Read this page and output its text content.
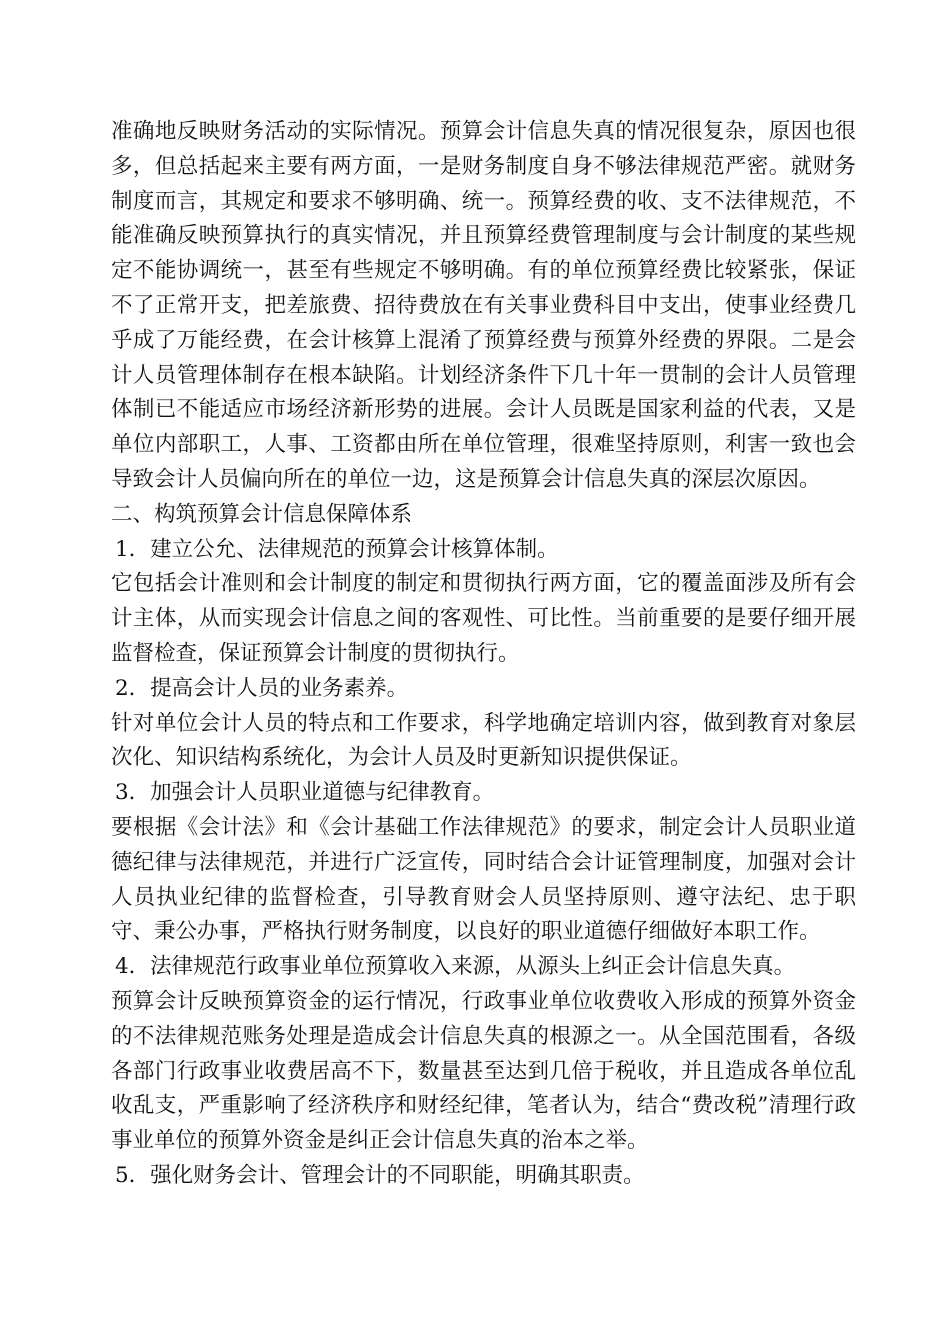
准确地反映财务活动的实际情况。预算会计信息失真的情况很复杂，原因也很多，但总括起来主要有两方面，一是财务制度自身不够法律规范严密。就财务制度而言，其规定和要求不够明确、统一。预算经费的收、支不法律规范，不能准确反映预算执行的真实情况，并且预算经费管理制度与会计制度的某些规定不能协调统一，甚至有些规定不够明确。有的单位预算经费比较紧张，保证不了正常开支，把差旅费、招待费放在有关事业费科目中支出，使事业经费几乎成了万能经费，在会计核算上混淆了预算经费与预算外经费的界限。二是会计人员管理体制存在根本缺陷。计划经济条件下几十年一贯制的会计人员管理体制已不能适应市场经济新形势的进展。会计人员既是国家利益的代表，又是单位内部职工，人事、工资都由所在单位管理，很难坚持原则，利害一致也会导致会计人员偏向所在的单位一边，这是预算会计信息失真的深层次原因。

二、构筑预算会计信息保障体系

1．建立公允、法律规范的预算会计核算体制。

它包括会计准则和会计制度的制定和贯彻执行两方面，它的覆盖面涉及所有会计主体，从而实现会计信息之间的客观性、可比性。当前重要的是要仔细开展监督检查，保证预算会计制度的贯彻执行。

2．提高会计人员的业务素养。

针对单位会计人员的特点和工作要求，科学地确定培训内容，做到教育对象层次化、知识结构系统化，为会计人员及时更新知识提供保证。

3．加强会计人员职业道德与纪律教育。

要根据《会计法》和《会计基础工作法律规范》的要求，制定会计人员职业道德纪律与法律规范，并进行广泛宣传，同时结合会计证管理制度，加强对会计人员执业纪律的监督检查，引导教育财会人员坚持原则、遵守法纪、忠于职守、秉公办事，严格执行财务制度，以良好的职业道德仔细做好本职工作。

4．法律规范行政事业单位预算收入来源，从源头上纠正会计信息失真。

预算会计反映预算资金的运行情况，行政事业单位收费收入形成的预算外资金的不法律规范账务处理是造成会计信息失真的根源之一。从全国范围看，各级各部门行政事业收费居高不下，数量甚至达到几倍于税收，并且造成各单位乱收乱支，严重影响了经济秩序和财经纪律，笔者认为，结合“费改税”清理行政事业单位的预算外资金是纠正会计信息失真的治本之举。

5．强化财务会计、管理会计的不同职能，明确其职责。
